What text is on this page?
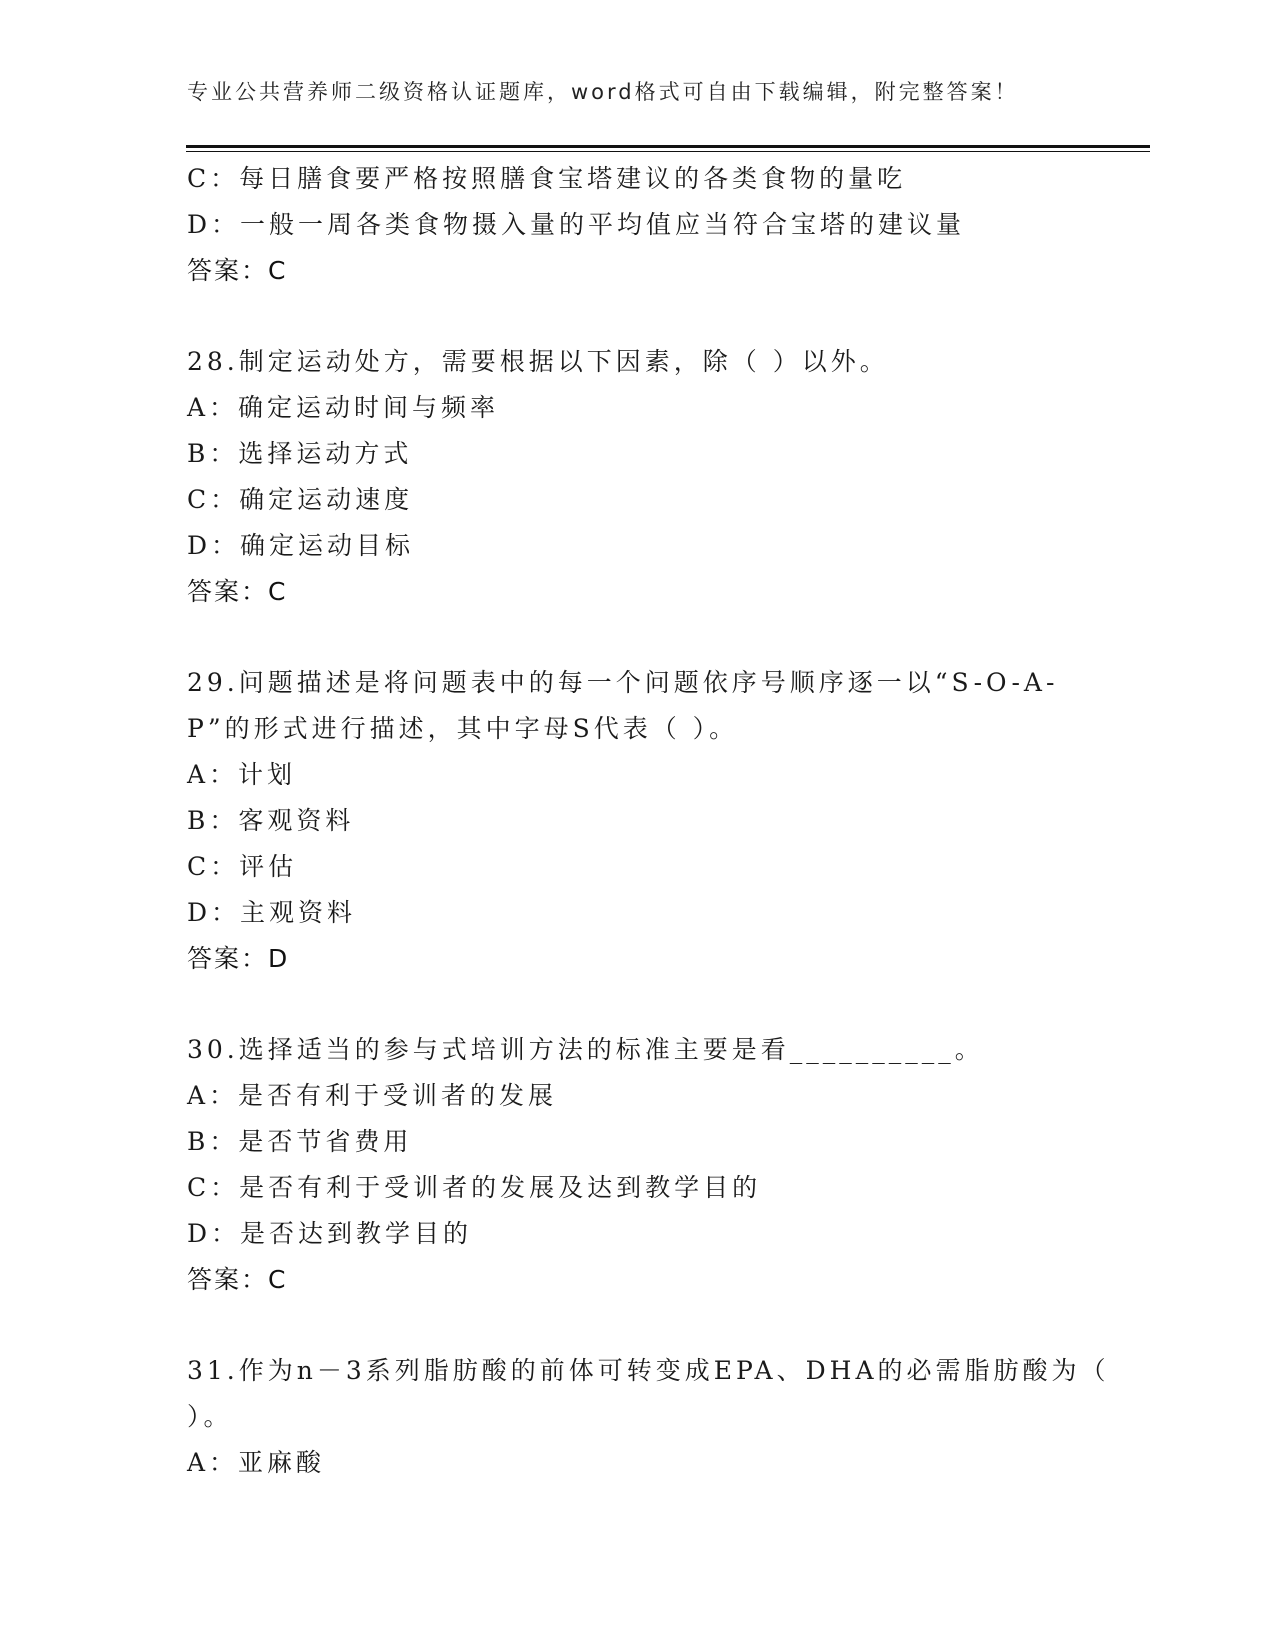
专业公共营养师二级资格认证题库，word格式可自由下载编辑，附完整答案！
C：每日膳食要严格按照膳食宝塔建议的各类食物的量吃
D：一般一周各类食物摄入量的平均值应当符合宝塔的建议量
答案：C
28.制定运动处方，需要根据以下因素，除（ ）以外。
A：确定运动时间与频率
B：选择运动方式
C：确定运动速度
D：确定运动目标
答案：C
29.问题描述是将问题表中的每一个问题依序号顺序逐一以“S-O-A-
P”的形式进行描述，其中字母S代表（ ）。
A：计划
B：客观资料
C：评估
D：主观资料
答案：D
30.选择适当的参与式培训方法的标准主要是看__________。
A：是否有利于受训者的发展
B：是否节省费用
C：是否有利于受训者的发展及达到教学目的
D：是否达到教学目的
答案：C
31.作为n－3系列脂肪酸的前体可转变成EPA、DHA的必需脂肪酸为（
）。
A：亚麻酸
